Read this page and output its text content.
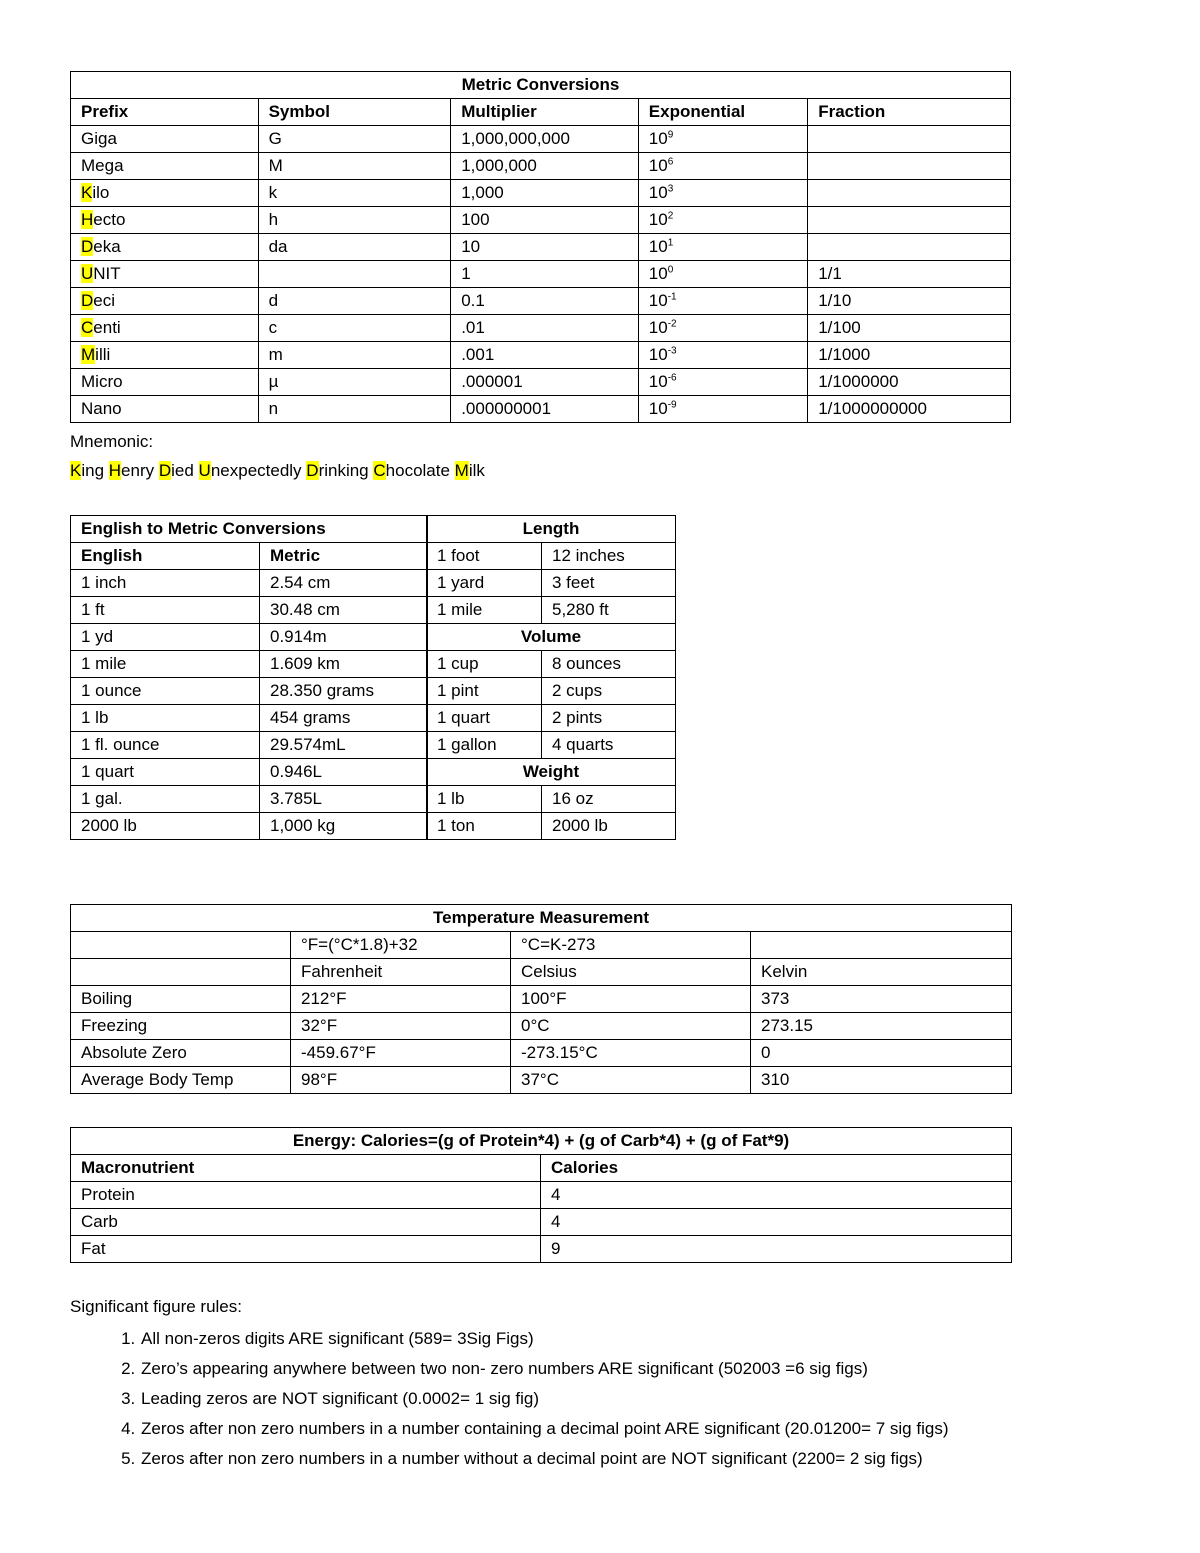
Metric Conversions				
Prefix	Symbol	Multiplier	Exponential	Fraction
Giga	G	1,000,000,000	$10^9$	
Mega	M	1,000,000	$10^6$	
Kilo	k	1,000	$10^3$	
Hecto	h	100	$10^2$	
Deka	da	10	$10^1$	
UNIT		1	$10^0$	1/1
Deci	d	0.1	$10^{-1}$	1/10
Centi	c	.01	$10^{-2}$	1/100
Milli	m	.001	$10^{-3}$	1/1000
Micro	µ	.000001	$10^{-6}$	1/1000000
Nano	n	.000000001	$10^{-9}$	1/1000000000
Mnemonic:
King Henry Died Unexpectedly Drinking Chocolate Milk
English to Metric Conversions	
English	Metric
1 inch	2.54 cm
1 ft	30.48 cm
1 yd	0.914m
1 mile	1.609 km
1 ounce	28.350 grams
1 lb	454 grams
1 fl. ounce	29.574mL
1 quart	0.946L
1 gal.	3.785L
2000 lb	1,000 kg
Length	
1 foot	12 inches
1 yard	3 feet
1 mile	5,280 ft
Volume	
1 cup	8 ounces
1 pint	2 cups
1 quart	2 pints
1 gallon	4 quarts
Weight	
1 lb	16 oz
1 ton	2000 lb
Temperature Measurement			
	°F=(°C*1.8)+32	°C=K-273	
	Fahrenheit	Celsius	Kelvin
Boiling	212°F	100°F	373
Freezing	32°F	0°C	273.15
Absolute Zero	-459.67°F	-273.15°C	0
Average Body Temp	98°F	37°C	310
Energy: Calories=(g of Protein*4) + (g of Carb*4) + (g of Fat*9)	
Macronutrient	Calories
Protein	4
Carb	4
Fat	9
Significant figure rules:
1. All non-zeros digits ARE significant (589= 3Sig Figs)
2. Zero’s appearing anywhere between two non- zero numbers ARE significant (502003 =6 sig figs)
3. Leading zeros are NOT significant (0.0002= 1 sig fig)
4. Zeros after non zero numbers in a number containing a decimal point ARE significant (20.01200= 7 sig figs)
5. Zeros after non zero numbers in a number without a decimal point are NOT significant (2200= 2 sig figs)
